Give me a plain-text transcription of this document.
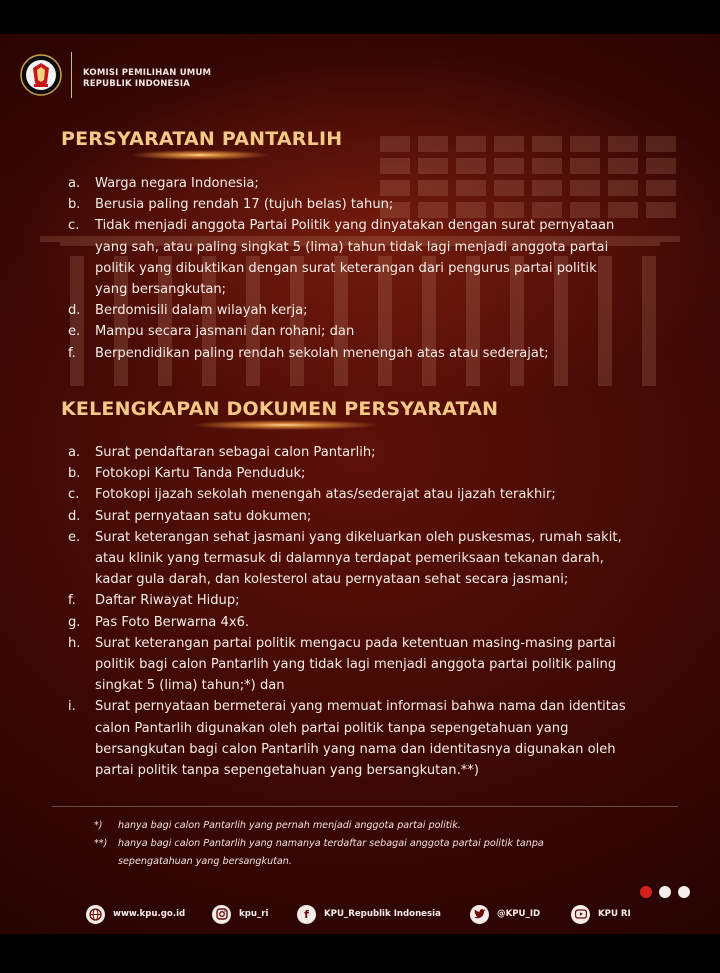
KOMISI PEMILIHAN UMUM
REPUBLIK INDONESIA
PERSYARATAN PANTARLIH
a.	Warga negara Indonesia;
b.	Berusia paling rendah 17 (tujuh belas) tahun;
c.	Tidak menjadi anggota Partai Politik yang dinyatakan dengan surat pernyataan
yang sah, atau paling singkat 5 (lima) tahun tidak lagi menjadi anggota partai
politik yang dibuktikan dengan surat keterangan dari pengurus partai politik
yang bersangkutan;
d.	Berdomisili dalam wilayah kerja;
e.	Mampu secara jasmani dan rohani; dan
f.	Berpendidikan paling rendah sekolah menengah atas atau sederajat;
KELENGKAPAN DOKUMEN PERSYARATAN
a.	Surat pendaftaran sebagai calon Pantarlih;
b.	Fotokopi Kartu Tanda Penduduk;
c.	Fotokopi ijazah sekolah menengah atas/sederajat atau ijazah terakhir;
d.	Surat pernyataan satu dokumen;
e.	Surat keterangan sehat jasmani yang dikeluarkan oleh puskesmas, rumah sakit,
atau klinik yang termasuk di dalamnya terdapat pemeriksaan tekanan darah,
kadar gula darah, dan kolesterol atau pernyataan sehat secara jasmani;
f.	Daftar Riwayat Hidup;
g.	Pas Foto Berwarna 4x6.
h.	Surat keterangan partai politik mengacu pada ketentuan masing-masing partai
politik bagi calon Pantarlih yang tidak lagi menjadi anggota partai politik paling
singkat 5 (lima) tahun;*) dan
i.	Surat pernyataan bermeterai yang memuat informasi bahwa nama dan identitas
calon Pantarlih digunakan oleh partai politik tanpa sepengetahuan yang
bersangkutan bagi calon Pantarlih yang nama dan identitasnya digunakan oleh
partai politik tanpa sepengetahuan yang bersangkutan.**)
*) hanya bagi calon Pantarlih yang pernah menjadi anggota partai politik.
**) hanya bagi calon Pantarlih yang namanya terdaftar sebagai anggota partai politik tanpa
sepengatahuan yang bersangkutan.
www.kpu.go.id	kpu_ri	f	KPU_Republik Indonesia	@KPU_ID	KPU RI
